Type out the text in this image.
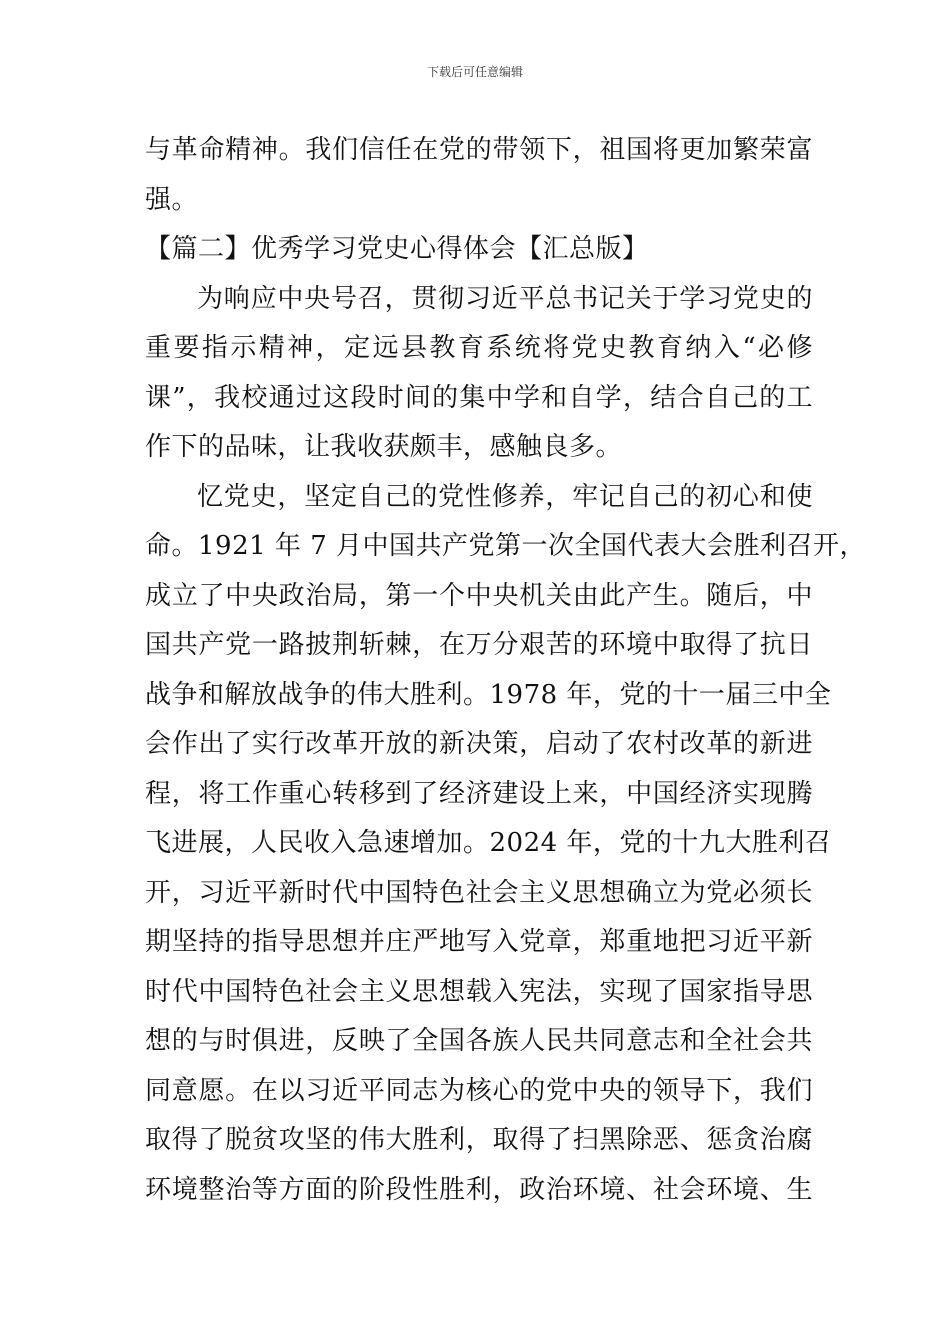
下载后可任意编辑
与革命精神。我们信任在党的带领下，祖国将更加繁荣富
强。
【篇二】优秀学习党史心得体会【汇总版】
为响应中央号召，贯彻习近平总书记关于学习党史的
重要指示精神，定远县教育系统将党史教育纳入“必修
课”，我校通过这段时间的集中学和自学，结合自己的工
作下的品味，让我收获颇丰，感触良多。
忆党史，坚定自己的党性修养，牢记自己的初心和使
命。1921 年 7 月中国共产党第一次全国代表大会胜利召开，
成立了中央政治局，第一个中央机关由此产生。随后，中
国共产党一路披荆斩棘，在万分艰苦的环境中取得了抗日
战争和解放战争的伟大胜利。1978 年，党的十一届三中全
会作出了实行改革开放的新决策，启动了农村改革的新进
程，将工作重心转移到了经济建设上来，中国经济实现腾
飞进展，人民收入急速增加。2024 年，党的十九大胜利召
开，习近平新时代中国特色社会主义思想确立为党必须长
期坚持的指导思想并庄严地写入党章，郑重地把习近平新
时代中国特色社会主义思想载入宪法，实现了国家指导思
想的与时俱进，反映了全国各族人民共同意志和全社会共
同意愿。在以习近平同志为核心的党中央的领导下，我们
取得了脱贫攻坚的伟大胜利，取得了扫黑除恶、惩贪治腐
环境整治等方面的阶段性胜利，政治环境、社会环境、生
